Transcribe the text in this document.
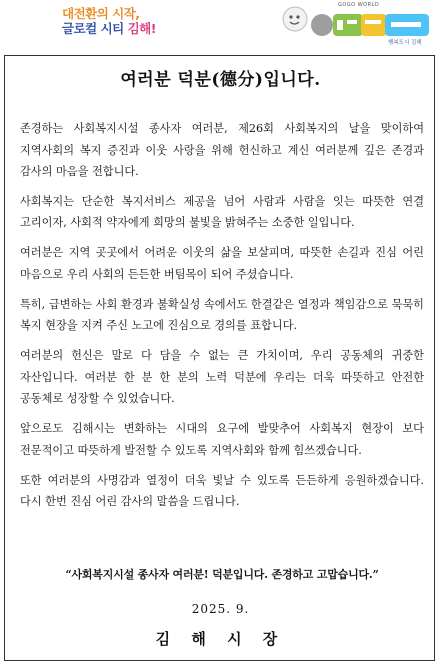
대전환의 시작,
글로컬 시티 김해!
GOGO WORLD
행복도시 김해
여러분 덕분(德分)입니다.

존경하는 사회복지시설 종사자 여러분, 제26회 사회복지의 날을 맞이하여 지역사회의 복지 증진과 이웃 사랑을 위해 헌신하고 계신 여러분께 깊은 존경과 감사의 마음을 전합니다.

사회복지는 단순한 복지서비스 제공을 넘어 사람과 사람을 잇는 따뜻한 연결 고리이자, 사회적 약자에게 희망의 불빛을 밝혀주는 소중한 일입니다.

여러분은 지역 곳곳에서 어려운 이웃의 삶을 보살피며, 따뜻한 손길과 진심 어린 마음으로 우리 사회의 든든한 버팀목이 되어 주셨습니다.

특히, 급변하는 사회 환경과 불확실성 속에서도 한결같은 열정과 책임감으로 묵묵히 복지 현장을 지켜 주신 노고에 진심으로 경의를 표합니다.

여러분의 헌신은 말로 다 담을 수 없는 큰 가치이며, 우리 공동체의 귀중한 자산입니다. 여러분 한 분 한 분의 노력 덕분에 우리는 더욱 따뜻하고 안전한 공동체로 성장할 수 있었습니다.

앞으로도 김해시는 변화하는 시대의 요구에 발맞추어 사회복지 현장이 보다 전문적이고 따뜻하게 발전할 수 있도록 지역사회와 함께 힘쓰겠습니다.

또한 여러분의 사명감과 열정이 더욱 빛날 수 있도록 든든하게 응원하겠습니다. 다시 한번 진심 어린 감사의 말씀을 드립니다.

“사회복지시설 종사자 여러분! 덕분입니다. 존경하고 고맙습니다.”
2025. 9.
김 해 시 장
